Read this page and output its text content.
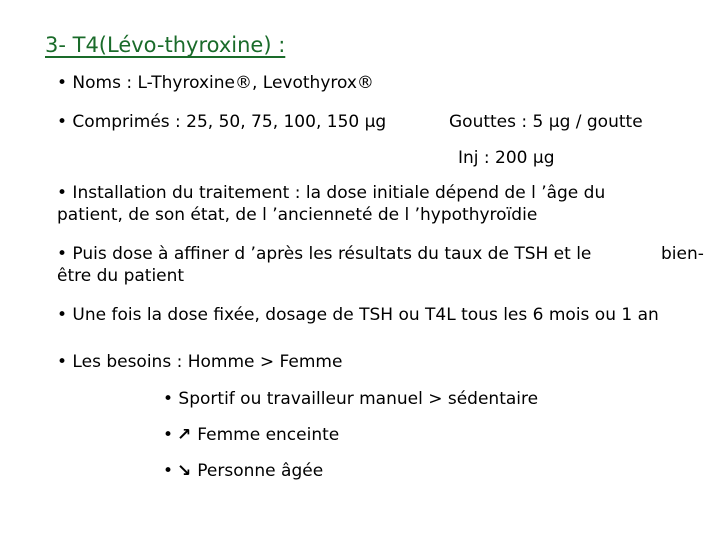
3- T4(Lévo-thyroxine) :
• Noms : L-Thyroxine®, Levothyrox®
• Comprimés : 25, 50, 75, 100, 150 µg	Gouttes : 5 µg / goutte
Inj : 200 µg
• Installation du traitement : la dose initiale dépend de l ’âge du
patient, de son état, de l ’ancienneté de l ’hypothyroïdie
• Puis dose à affiner d ’après les résultats du taux de TSH et le	bien-
être du patient
• Une fois la dose fixée, dosage de TSH ou T4L tous les 6 mois ou 1 an
• Les besoins : Homme > Femme
• Sportif ou travailleur manuel > sédentaire
• ↗ Femme enceinte
• ↘ Personne âgée
